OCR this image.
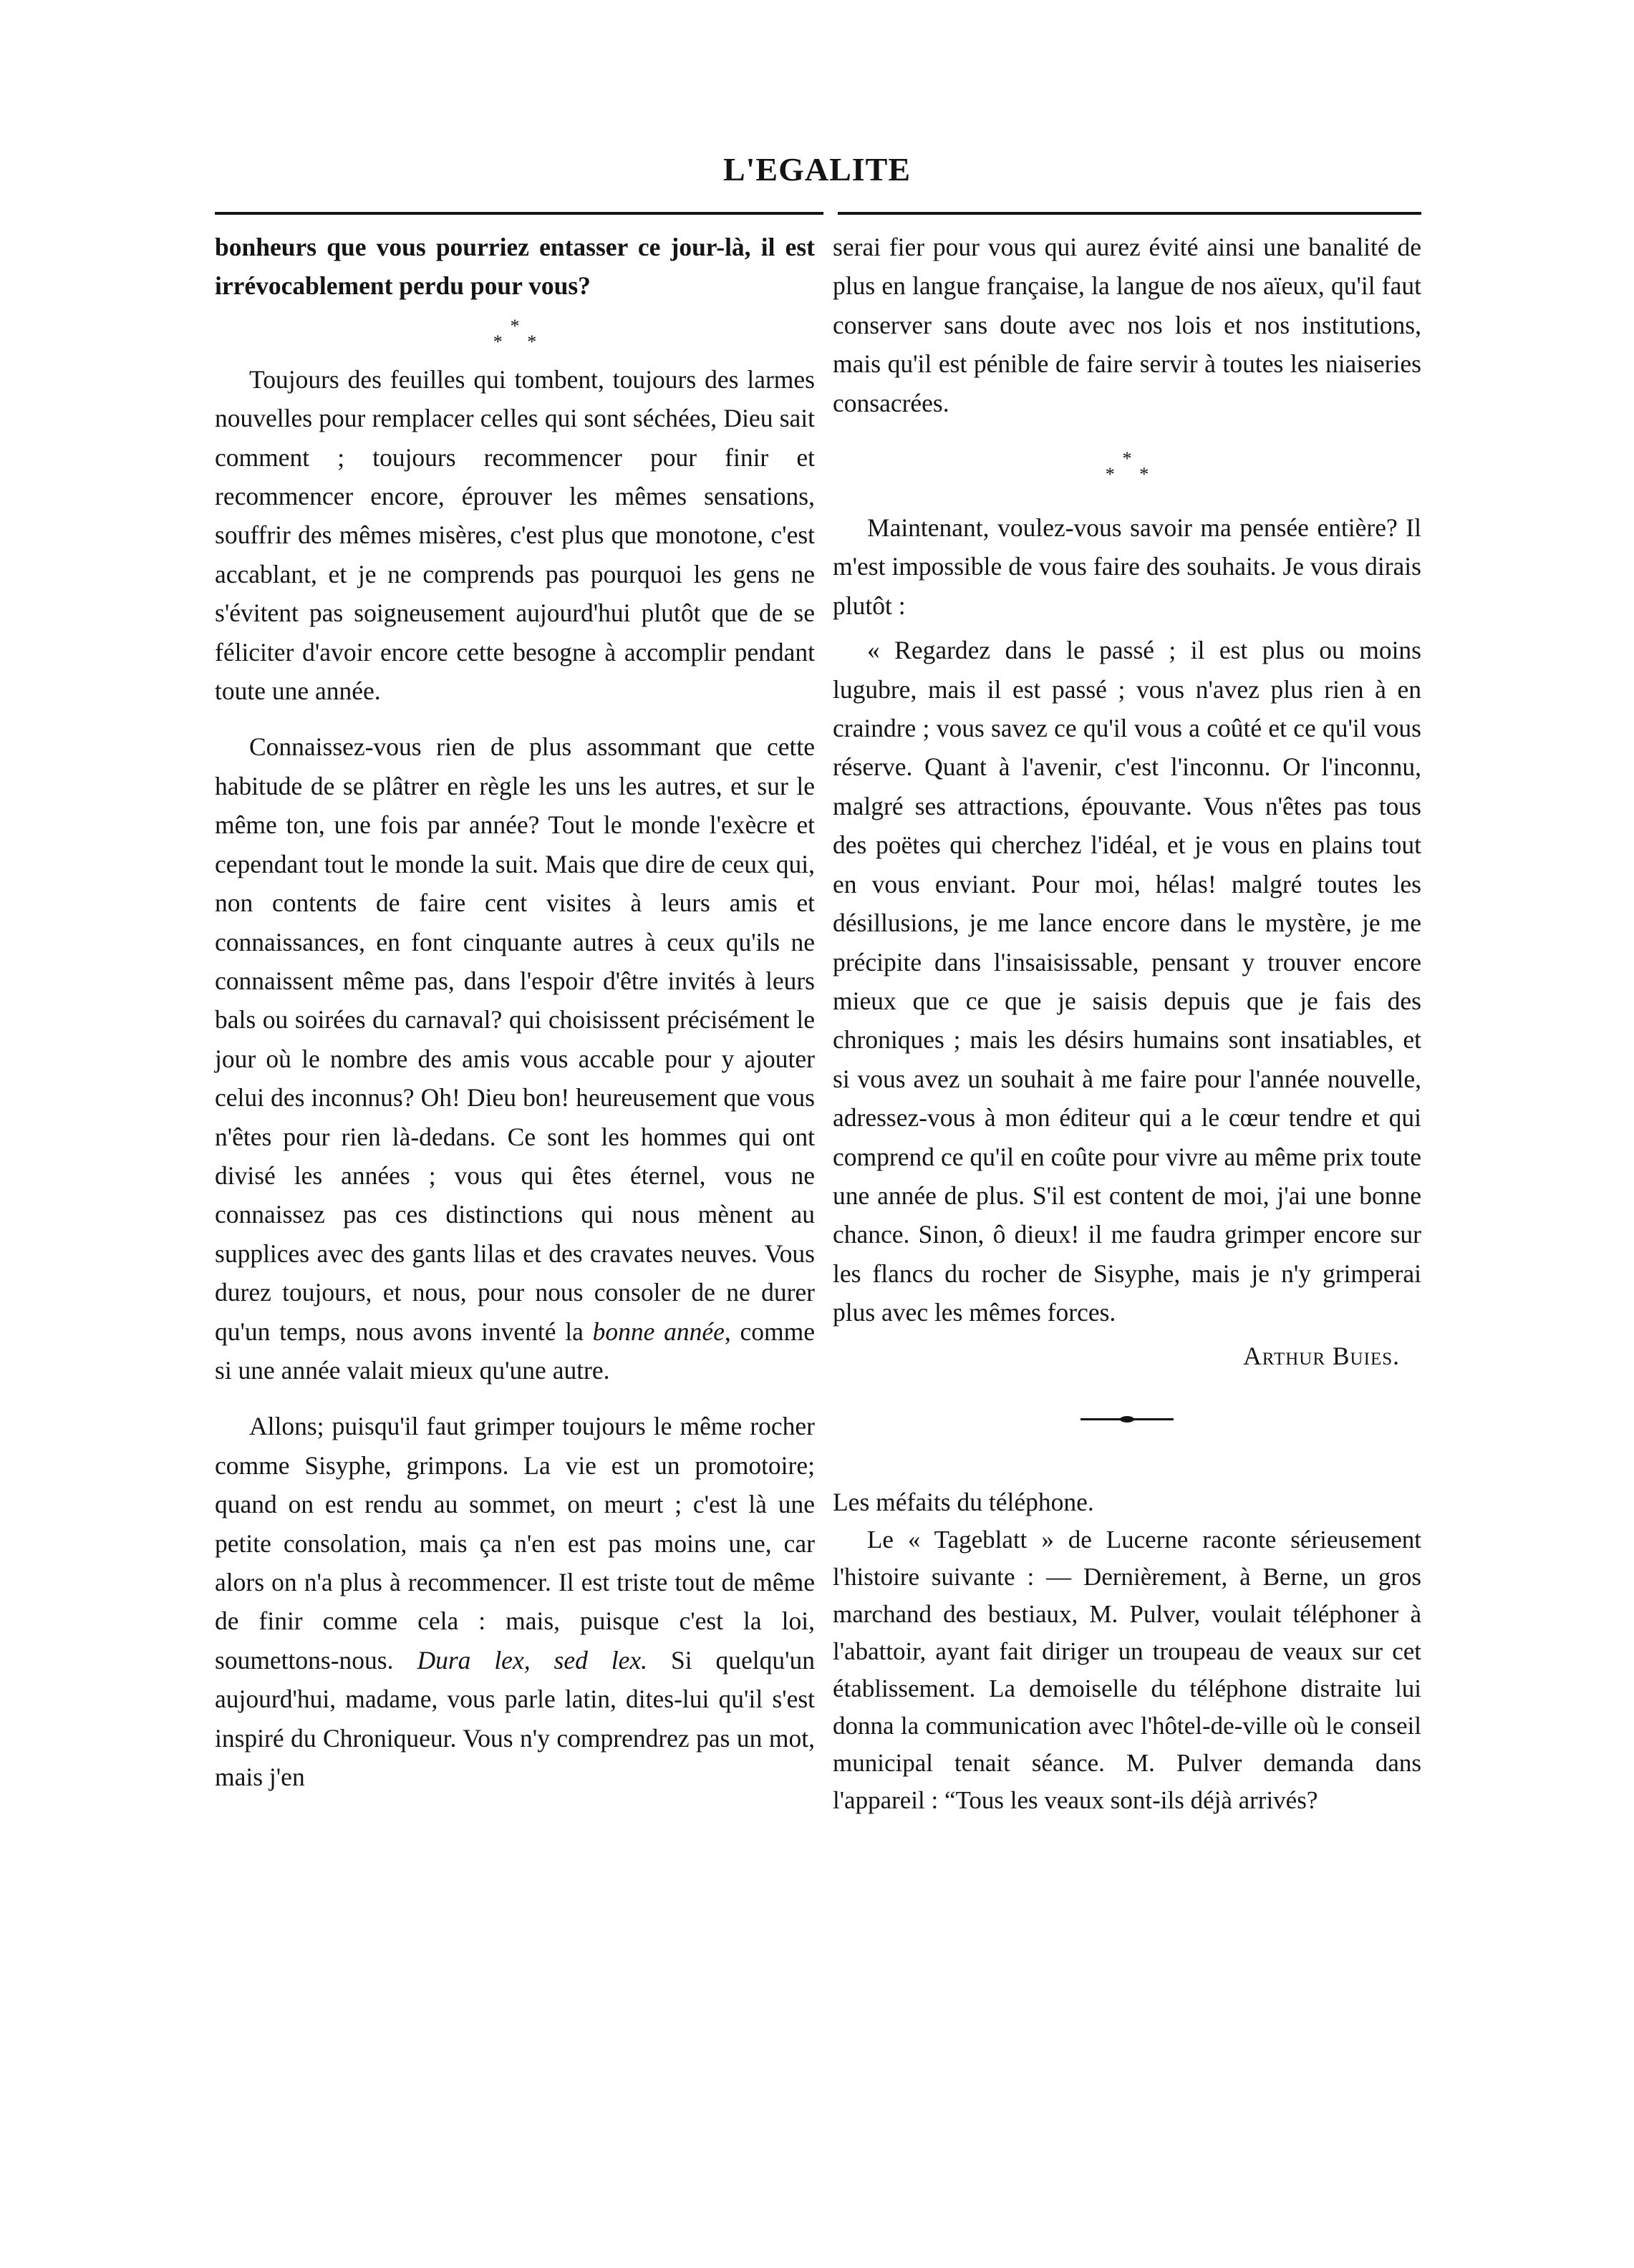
L'EGALITE

bonheurs que vous pourriez entasser ce jour-là, il est irrévocablement perdu pour vous?

*
* *

Toujours des feuilles qui tombent, toujours des larmes nouvelles pour remplacer celles qui sont séchées, Dieu sait comment ; toujours recommencer pour finir et recommencer encore, éprouver les mêmes sensations, souffrir des mêmes misères, c'est plus que monotone, c'est accablant, et je ne comprends pas pourquoi les gens ne s'évitent pas soigneusement aujourd'hui plutôt que de se féliciter d'avoir encore cette besogne à accomplir pendant toute une année.

Connaissez-vous rien de plus assommant que cette habitude de se plâtrer en règle les uns les autres, et sur le même ton, une fois par année? Tout le monde l'exècre et cependant tout le monde la suit. Mais que dire de ceux qui, non contents de faire cent visites à leurs amis et connaissances, en font cinquante autres à ceux qu'ils ne connaissent même pas, dans l'espoir d'être invités à leurs bals ou soirées du carnaval? qui choisissent précisément le jour où le nombre des amis vous accable pour y ajouter celui des inconnus? Oh! Dieu bon! heureusement que vous n'êtes pour rien là-dedans. Ce sont les hommes qui ont divisé les années ; vous qui êtes éternel, vous ne connaissez pas ces distinctions qui nous mènent au supplices avec des gants lilas et des cravates neuves. Vous durez toujours, et nous, pour nous consoler de ne durer qu'un temps, nous avons inventé la bonne année, comme si une année valait mieux qu'une autre.

Allons; puisqu'il faut grimper toujours le même rocher comme Sisyphe, grimpons. La vie est un promotoire; quand on est rendu au sommet, on meurt ; c'est là une petite consolation, mais ça n'en est pas moins une, car alors on n'a plus à recommencer. Il est triste tout de même de finir comme cela : mais, puisque c'est la loi, soumettons-nous. Dura lex, sed lex. Si quelqu'un aujourd'hui, madame, vous parle latin, dites-lui qu'il s'est inspiré du Chroniqueur. Vous n'y comprendrez pas un mot, mais j'en

serai fier pour vous qui aurez évité ainsi une banalité de plus en langue française, la langue de nos aïeux, qu'il faut conserver sans doute avec nos lois et nos institutions, mais qu'il est pénible de faire servir à toutes les niaiseries consacrées.

*
* *

Maintenant, voulez-vous savoir ma pensée entière? Il m'est impossible de vous faire des souhaits. Je vous dirais plutôt :

« Regardez dans le passé ; il est plus ou moins lugubre, mais il est passé ; vous n'avez plus rien à en craindre ; vous savez ce qu'il vous a coûté et ce qu'il vous réserve. Quant à l'avenir, c'est l'inconnu. Or l'inconnu, malgré ses attractions, épouvante. Vous n'êtes pas tous des poëtes qui cherchez l'idéal, et je vous en plains tout en vous enviant. Pour moi, hélas! malgré toutes les désillusions, je me lance encore dans le mystère, je me précipite dans l'insaisissable, pensant y trouver encore mieux que ce que je saisis depuis que je fais des chroniques ; mais les désirs humains sont insatiables, et si vous avez un souhait à me faire pour l'année nouvelle, adressez-vous à mon éditeur qui a le cœur tendre et qui comprend ce qu'il en coûte pour vivre au même prix toute une année de plus. S'il est content de moi, j'ai une bonne chance. Sinon, ô dieux! il me faudra grimper encore sur les flancs du rocher de Sisyphe, mais je n'y grimperai plus avec les mêmes forces.

Arthur Buies.

Les méfaits du téléphone.

Le « Tageblatt » de Lucerne raconte sérieusement l'histoire suivante : — Dernièrement, à Berne, un gros marchand des bestiaux, M. Pulver, voulait téléphoner à l'abattoir, ayant fait diriger un troupeau de veaux sur cet établissement. La demoiselle du téléphone distraite lui donna la communication avec l'hôtel-de-ville où le conseil municipal tenait séance. M. Pulver demanda dans l'appareil : “Tous les veaux sont-ils déjà arrivés?
